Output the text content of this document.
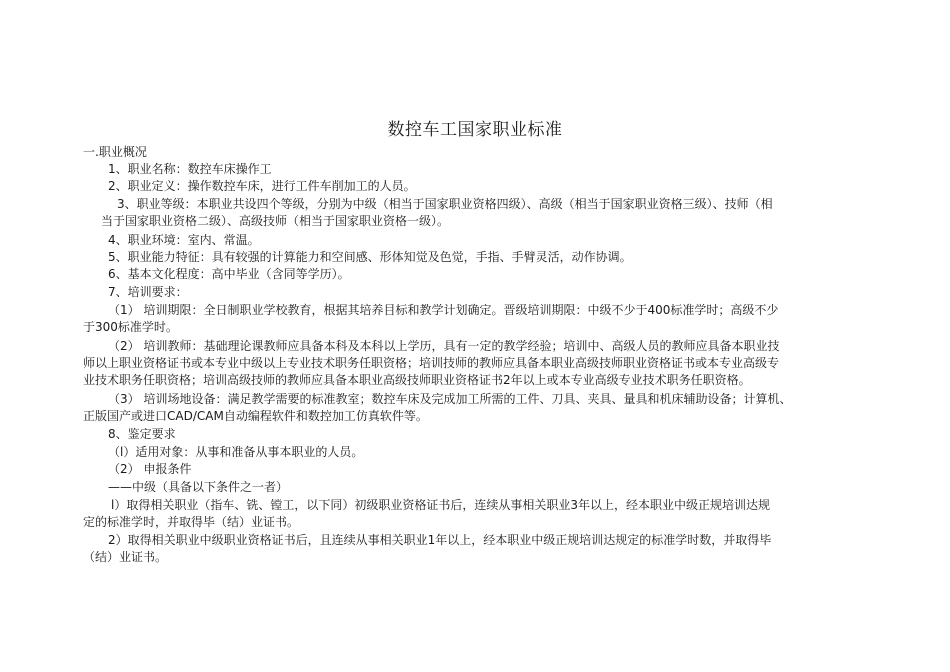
数控车工国家职业标准
一.职业概况
1、职业名称：数控车床操作工
2、职业定义：操作数控车床，进行工件车削加工的人员。
3、职业等级：本职业共设四个等级，分别为中级（相当于国家职业资格四级）、高级（相当于国家职业资格三级）、技师（相
当于国家职业资格二级）、高级技师（相当于国家职业资格一级）。
4、职业环境：室内、常温。
5、职业能力特征：具有较强的计算能力和空间感、形体知觉及色觉，手指、手臂灵活，动作协调。
6、基本文化程度：高中毕业（含同等学历）。
7、培训要求：
（1） 培训期限：全日制职业学校教育，根据其培养目标和教学计划确定。晋级培训期限：中级不少于400标准学时；高级不少
于300标准学时。
（2） 培训教师：基础理论课教师应具备本科及本科以上学历，具有一定的教学经验；培训中、高级人员的教师应具备本职业技
师以上职业资格证书或本专业中级以上专业技术职务任职资格；培训技师的教师应具备本职业高级技师职业资格证书或本专业高级专
业技术职务任职资格；培训高级技师的教师应具备本职业高级技师职业资格证书2年以上或本专业高级专业技术职务任职资格。
（3） 培训场地设备：满足教学需要的标准教室；数控车床及完成加工所需的工件、刀具、夹具、量具和机床辅助设备；计算机、
正版国产或进口CAD/CAM自动编程软件和数控加工仿真软件等。
8、鉴定要求
（l）适用对象：从事和准备从事本职业的人员。
（2） 申报条件
——中级（具备以下条件之一者）
l）取得相关职业（指车、铣、镗工，以下同）初级职业资格证书后，连续从事相关职业3年以上，经本职业中级正规培训达规
定的标准学时，并取得毕（结）业证书。
2）取得相关职业中级职业资格证书后，且连续从事相关职业1年以上，经本职业中级正规培训达规定的标准学时数，并取得毕
（结）业证书。
